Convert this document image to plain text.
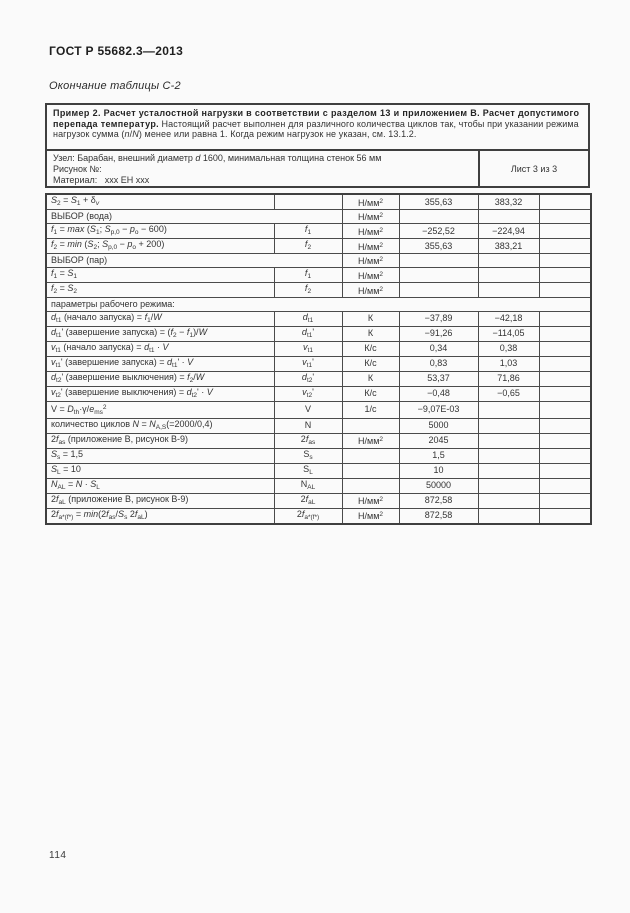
ГОСТ Р 55682.3—2013
Окончание таблицы С-2
Пример 2. Расчет усталостной нагрузки в соответствии с разделом 13 и приложением В. Расчет допустимого перепада температур. Настоящий расчет выполнен для различного количества циклов так, чтобы при указании режима нагрузок сумма (n/N) менее или равна 1. Когда режим нагрузок не указан, см. 13.1.2.
Узел: Барабан, внешний диаметр d 1600, минимальная толщина стенок 56 мм
Рисунок №:
Материал:   xxx ЕН xxx
Лист 3 из 3
$S_2 = S_1 + \delta_v$		$Н/мм^2$	355,63	383,32	
ВЫБОР (вода)		$Н/мм^2$			
$f_1 = \max (S_1$; $S_{p,0} - p_o - 600$)	$f_1$	$Н/мм^2$	−252,52	−224,94	
$f_2 = \min (S_2$; $S_{p,0} - p_o + 200$)	$f_2$	$Н/мм^2$	355,63	383,21	
ВЫБОР (пар)		$Н/мм^2$			
$f_1 = S_1$	$f_1$	$Н/мм^2$			
$f_2 = S_2$	$f_2$	$Н/мм^2$			
параметры рабочего режима:					
$d_{t1}$ (начало запуска) = $f_1/W$	$d_{t1}$	К	−37,89	−42,18	
$d_{t1}'$ (завершение запуска) = $(f_2 - f_1)/W$	$d_{t1}'$	К	−91,26	−114,05	
$v_{t1}$ (начало запуска) = $d_{t1} \cdot V$	$v_{t1}$	К/с	0,34	0,38	
$v_{t1}'$ (завершение запуска) = $d_{t1}' \cdot V$	$v_{t1}'$	К/с	0,83	1,03	
$d_{t2}'$ (завершение выключения) = $f_2/W$	$d_{t2}'$	К	53,37	71,86	
$v_{t2}'$ (завершение выключения) = $d_{t2}' \cdot V$	$v_{t2}'$	К/с	−0,48	−0,65	
$V = D_{th}\cdot\gamma/e_{ms}^2$	V	1/с	−9,07E-03		
количество циклов $N = N_{A,S}(=2000/0,4)$	N		5000		
$2f_{as}$ (приложение В, рисунок В-9)	$2f_{as}$	$Н/мм^2$	2045		
$S_s = 1,5$	$S_s$		1,5		
$S_L = 10$	$S_L$		10		
$N_{AL} = N \cdot S_L$	$N_{AL}$		50000		
$2f_{aL}$ (приложение В, рисунок В-9)	$2f_{aL}$	$Н/мм^2$	872,58		
$2f_{a*(f*)} = \min(2f_{as}/S_s$ $2f_{aL}$)	$2f_{a*(f*)}$	$Н/мм^2$	872,58		
114
